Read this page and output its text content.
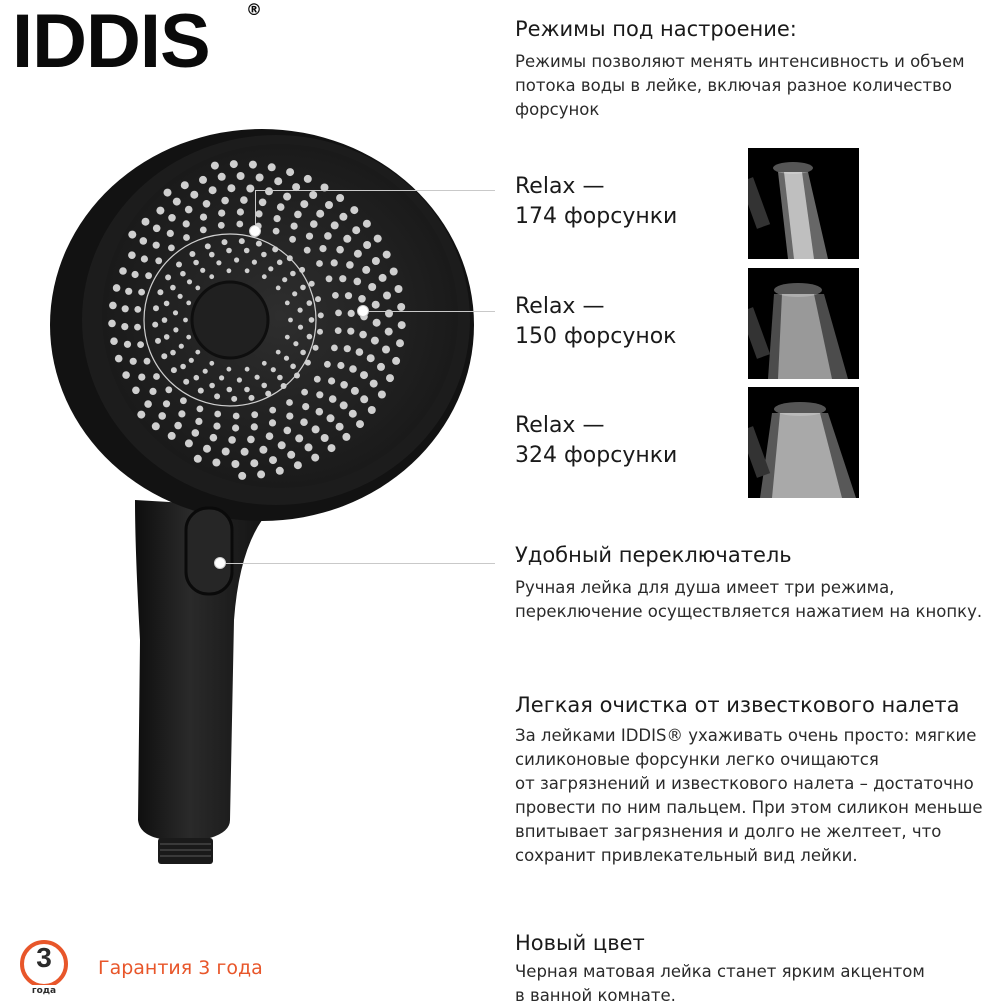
IDDIS ®

Режимы под настроение:

Режимы позволяют менять интенсивность и объем

потока воды в лейке, включая разное количество

форсунок

Relax —
174 форсунки
Relax —
150 форсунок
Relax —
324 форсунки

Удобный переключатель

Ручная лейка для душа имеет три режима,

переключение осуществляется нажатием на кнопку.

Легкая очистка от известкового налета

За лейками IDDIS® ухаживать очень просто: мягкие

силиконовые форсунки легко очищаются

от загрязнений и известкового налета – достаточно

провести по ним пальцем. При этом силикон меньше

впитывает загрязнения и долго не желтеет, что

сохранит привлекательный вид лейки.

Новый цвет

Черная матовая лейка станет ярким акцентом

в ванной комнате.

3
года
Гарантия 3 года
